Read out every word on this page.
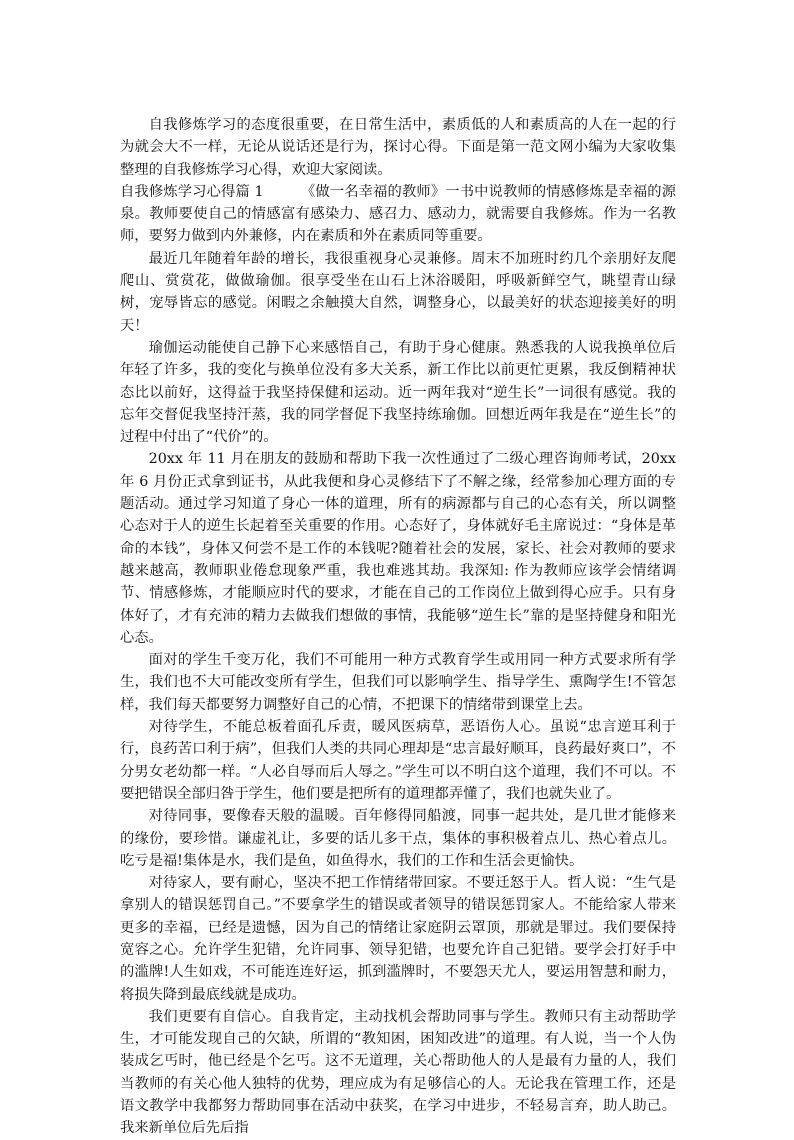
自我修炼学习的态度很重要，在日常生活中，素质低的人和素质高的人在一起的行为就会大不一样，无论从说话还是行为，探讨心得。下面是第一范文网小编为大家收集整理的自我修炼学习心得，欢迎大家阅读。

自我修炼学习心得篇 1	《做一名幸福的教师》一书中说教师的情感修炼是幸福的源泉。教师要使自己的情感富有感染力、感召力、感动力，就需要自我修炼。作为一名教师，要努力做到内外兼修，内在素质和外在素质同等重要。

最近几年随着年龄的增长，我很重视身心灵兼修。周末不加班时约几个亲朋好友爬爬山、赏赏花，做做瑜伽。很享受坐在山石上沐浴暖阳，呼吸新鲜空气，眺望青山绿树，宠辱皆忘的感觉。闲暇之余触摸大自然，调整身心，以最美好的状态迎接美好的明天！

瑜伽运动能使自己静下心来感悟自己，有助于身心健康。熟悉我的人说我换单位后年轻了许多，我的变化与换单位没有多大关系，新工作比以前更忙更累，我反倒精神状态比以前好，这得益于我坚持保健和运动。近一两年我对“逆生长”一词很有感觉。我的忘年交督促我坚持汗蒸，我的同学督促下我坚持练瑜伽。回想近两年我是在“逆生长”的过程中付出了“代价”的。

20xx 年 11 月在朋友的鼓励和帮助下我一次性通过了二级心理咨询师考试，20xx 年 6 月份正式拿到证书，从此我便和身心灵修结下了不解之缘，经常参加心理方面的专题活动。通过学习知道了身心一体的道理，所有的病源都与自己的心态有关，所以调整心态对于人的逆生长起着至关重要的作用。心态好了，身体就好毛主席说过：“身体是革命的本钱”，身体又何尝不是工作的本钱呢?随着社会的发展，家长、社会对教师的要求越来越高，教师职业倦怠现象严重，我也难逃其劫。我深知: 作为教师应该学会情绪调节、情感修炼，才能顺应时代的要求，才能在自己的工作岗位上做到得心应手。只有身体好了，才有充沛的精力去做我们想做的事情，我能够“逆生长”靠的是坚持健身和阳光心态。

面对的学生千变万化，我们不可能用一种方式教育学生或用同一种方式要求所有学生，我们也不大可能改变所有学生，但我们可以影响学生、指导学生、熏陶学生!不管怎样，我们每天都要努力调整好自己的心情，不把课下的情绪带到课堂上去。

对待学生，不能总板着面孔斥责，暖风医病草，恶语伤人心。虽说“忠言逆耳利于行，良药苦口利于病”，但我们人类的共同心理却是“忠言最好顺耳，良药最好爽口”，不分男女老幼都一样。“人必自辱而后人辱之。”学生可以不明白这个道理，我们不可以。不要把错误全部归咎于学生，他们要是把所有的道理都弄懂了，我们也就失业了。

对待同事，要像春天般的温暖。百年修得同船渡，同事一起共处，是几世才能修来的缘份，要珍惜。谦虚礼让，多要的话儿多干点，集体的事积极着点儿、热心着点儿。吃亏是福!集体是水，我们是鱼，如鱼得水，我们的工作和生活会更愉快。

对待家人，要有耐心，坚决不把工作情绪带回家。不要迁怒于人。哲人说：“生气是拿别人的错误惩罚自己。”不要拿学生的错误或者领导的错误惩罚家人。不能给家人带来更多的幸福，已经是遗憾，因为自己的情绪让家庭阴云罩顶，那就是罪过。我们要保持宽容之心。允许学生犯错，允许同事、领导犯错，也要允许自己犯错。要学会打好手中的滥牌!人生如戏，不可能连连好运，抓到滥牌时，不要怨天尤人，要运用智慧和耐力，将损失降到最底线就是成功。

我们更要有自信心。自我肯定，主动找机会帮助同事与学生。教师只有主动帮助学生，才可能发现自己的欠缺，所谓的“教知困，困知改进”的道理。有人说，当一个人伪装成乞丐时，他已经是个乞丐。这不无道理，关心帮助他人的人是最有力量的人，我们当教师的有关心他人独特的优势，理应成为有足够信心的人。无论我在管理工作，还是语文教学中我都努力帮助同事在活动中获奖，在学习中进步，不轻易言弃，助人助己。我来新单位后先后指
